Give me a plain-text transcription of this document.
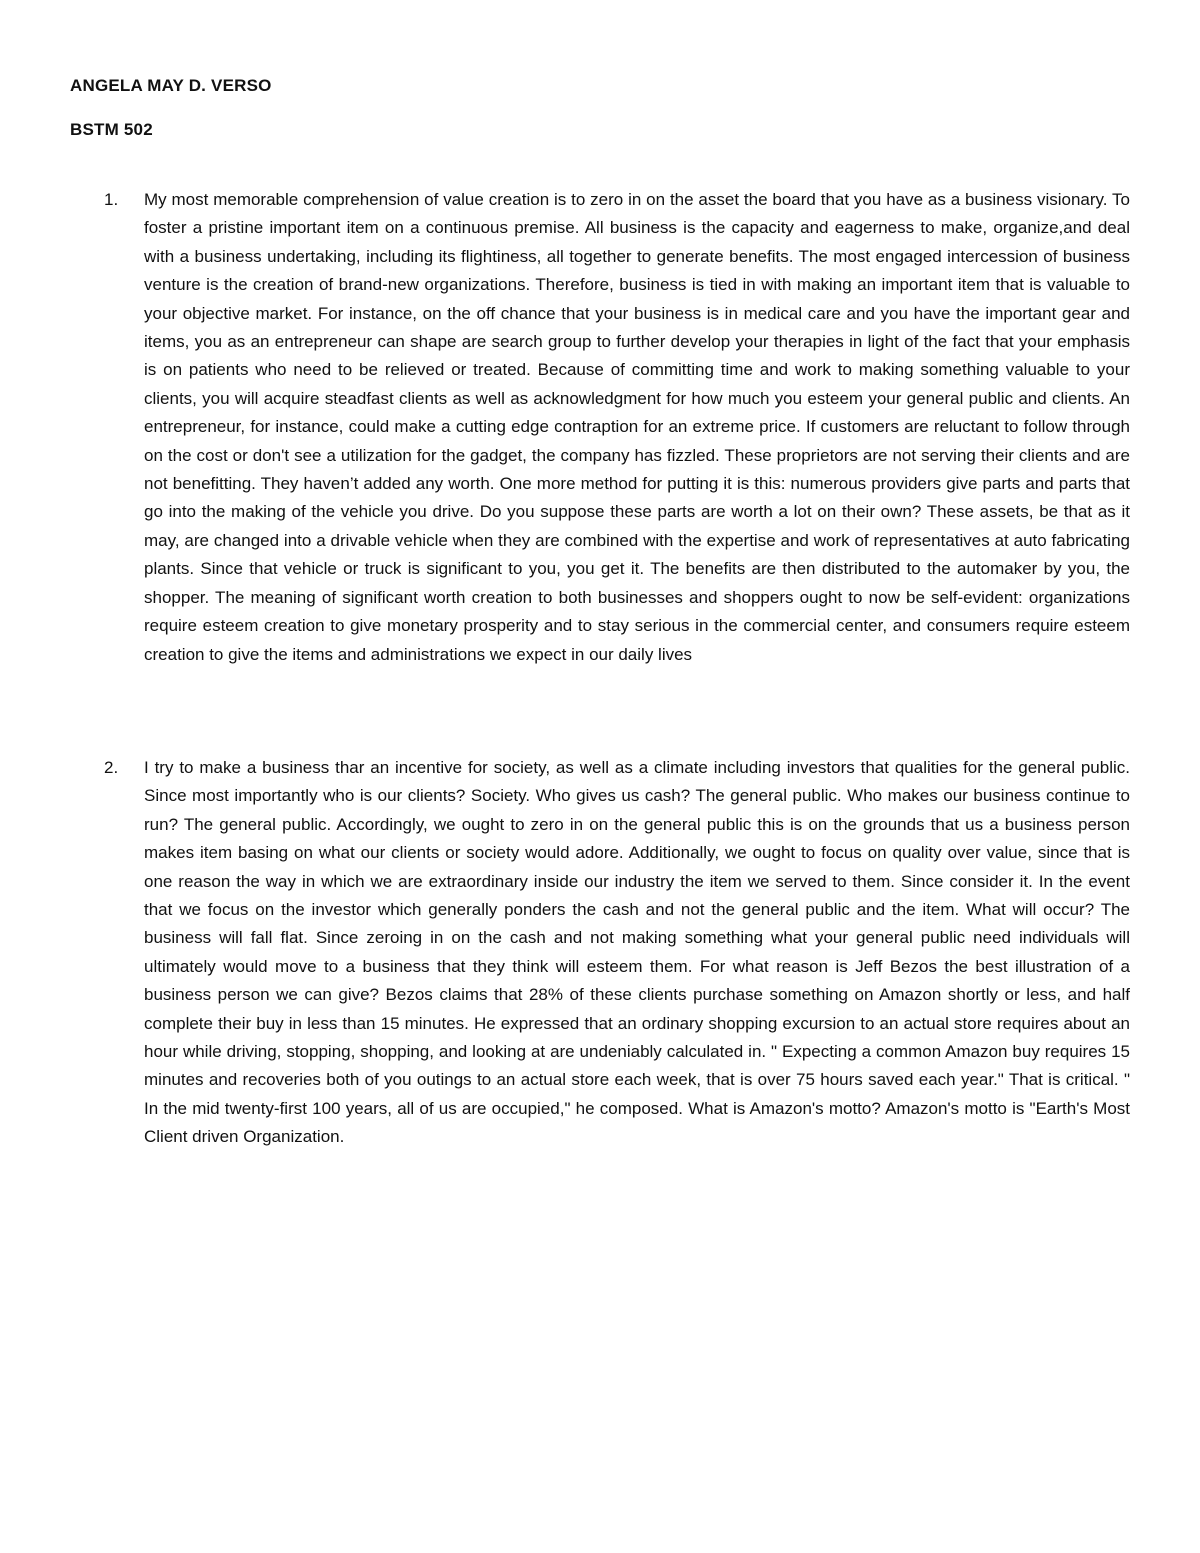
ANGELA MAY D. VERSO
BSTM 502
1.	My most memorable comprehension of value creation is to zero in on the asset the board that you have as a business visionary. To foster a pristine important item on a continuous premise. All business is the capacity and eagerness to make, organize,and deal with a business undertaking, including its flightiness, all together to generate benefits. The most engaged intercession of business venture is the creation of brand-new organizations. Therefore, business is tied in with making an important item that is valuable to your objective market. For instance, on the off chance that your business is in medical care and you have the important gear and items, you as an entrepreneur can shape are search group to further develop your therapies in light of the fact that your emphasis is on patients who need to be relieved or treated. Because of committing time and work to making something valuable to your clients, you will acquire steadfast clients as well as acknowledgment for how much you esteem your general public and clients. An entrepreneur, for instance, could make a cutting edge contraption for an extreme price. If customers are reluctant to follow through on the cost or don't see a utilization for the gadget, the company has fizzled. These proprietors are not serving their clients and are not benefitting. They haven’t added any worth. One more method for putting it is this: numerous providers give parts and parts that go into the making of the vehicle you drive. Do you suppose these parts are worth a lot on their own? These assets, be that as it may, are changed into a drivable vehicle when they are combined with the expertise and work of representatives at auto fabricating plants. Since that vehicle or truck is significant to you, you get it. The benefits are then distributed to the automaker by you, the shopper. The meaning of significant worth creation to both businesses and shoppers ought to now be self-evident: organizations require esteem creation to give monetary prosperity and to stay serious in the commercial center, and consumers require esteem creation to give the items and administrations we expect in our daily lives
2.	I try to make a business thar an incentive for society, as well as a climate including investors that qualities for the general public. Since most importantly who is our clients? Society. Who gives us cash? The general public. Who makes our business continue to run? The general public. Accordingly, we ought to zero in on the general public this is on the grounds that us a business person makes item basing on what our clients or society would adore. Additionally, we ought to focus on quality over value, since that is one reason the way in which we are extraordinary inside our industry the item we served to them. Since consider it. In the event that we focus on the investor which generally ponders the cash and not the general public and the item. What will occur? The business will fall flat. Since zeroing in on the cash and not making something what your general public need individuals will ultimately would move to a business that they think will esteem them. For what reason is Jeff Bezos the best illustration of a business person we can give? Bezos claims that 28% of these clients purchase something on Amazon shortly or less, and half complete their buy in less than 15 minutes. He expressed that an ordinary shopping excursion to an actual store requires about an hour while driving, stopping, shopping, and looking at are undeniably calculated in. " Expecting a common Amazon buy requires 15 minutes and recoveries both of you outings to an actual store each week, that is over 75 hours saved each year." That is critical. " In the mid twenty-first 100 years, all of us are occupied," he composed. What is Amazon's motto? Amazon's motto is "Earth's Most Client driven Organization.
